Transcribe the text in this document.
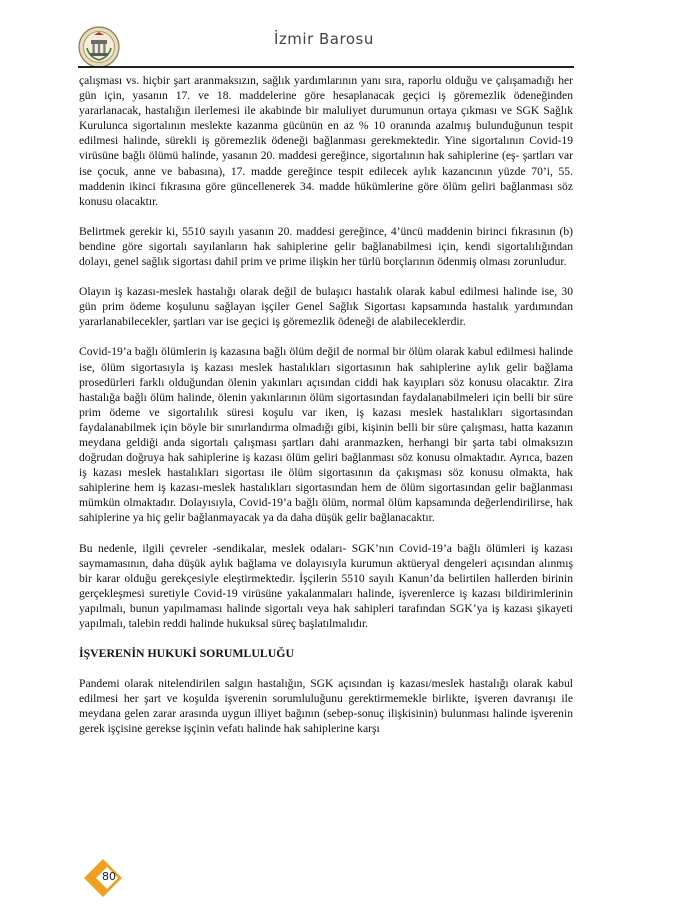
İzmir Barosu

çalışması vs. hiçbir şart aranmaksızın, sağlık yardımlarının yanı sıra, raporlu olduğu ve çalışamadığı her gün için, yasanın 17. ve 18. maddelerine göre hesaplanacak geçici iş göremezlik ödeneğinden yararlanacak, hastalığın ilerlemesi ile akabinde bir maluliyet durumunun ortaya çıkması ve SGK Sağlık Kurulunca sigortalının meslekte kazanma gücünün en az % 10 oranında azalmış bulunduğunun tespit edilmesi halinde, sürekli iş göremezlik ödeneği bağlanması gerekmektedir. Yine sigortalının Covid-19 virüsüne bağlı ölümü halinde, yasanın 20. maddesi gereğince, sigortalının hak sahiplerine (eş- şartları var ise çocuk, anne ve babasına), 17. madde gereğince tespit edilecek aylık kazancının yüzde 70’i, 55. maddenin ikinci fıkrasına göre güncellenerek 34. madde hükümlerine göre ölüm geliri bağlanması söz konusu olacaktır.

Belirtmek gerekir ki, 5510 sayılı yasanın 20. maddesi gereğince, 4’üncü maddenin birinci fıkrasının (b) bendine göre sigortalı sayılanların hak sahiplerine gelir bağlanabilmesi için, kendi sigortalılığından dolayı, genel sağlık sigortası dahil prim ve prime ilişkin her türlü borçlarının ödenmiş olması zorunludur.

Olayın iş kazası-meslek hastalığı olarak değil de bulaşıcı hastalık olarak kabul edilmesi halinde ise, 30 gün prim ödeme koşulunu sağlayan işçiler Genel Sağlık Sigortası kapsamında hastalık yardımından yararlanabilecekler, şartları var ise geçici iş göremezlik ödeneği de alabileceklerdir.

Covid-19’a bağlı ölümlerin iş kazasına bağlı ölüm değil de normal bir ölüm olarak kabul edilmesi halinde ise, ölüm sigortasıyla iş kazası meslek hastalıkları sigortasının hak sahiplerine aylık gelir bağlama prosedürleri farklı olduğundan ölenin yakınları açısından ciddi hak kayıpları söz konusu olacaktır. Zira hastalığa bağlı ölüm halinde, ölenin yakınlarının ölüm sigortasından faydalanabilmeleri için belli bir süre prim ödeme ve sigortalılık süresi koşulu var iken, iş kazası meslek hastalıkları sigortasından faydalanabilmek için böyle bir sınırlandırma olmadığı gibi, kişinin belli bir süre çalışması, hatta kazanın meydana geldiği anda sigortalı çalışması şartları dahi aranmazken, herhangi bir şarta tabi olmaksızın doğrudan doğruya hak sahiplerine iş kazası ölüm geliri bağlanması söz konusu olmaktadır. Ayrıca, bazen iş kazası meslek hastalıkları sigortası ile ölüm sigortasının da çakışması söz konusu olmakta, hak sahiplerine hem iş kazası-meslek hastalıkları sigortasından hem de ölüm sigortasından gelir bağlanması mümkün olmaktadır. Dolayısıyla, Covid-19’a bağlı ölüm, normal ölüm kapsamında değerlendirilirse, hak sahiplerine ya hiç gelir bağlanmayacak ya da daha düşük gelir bağlanacaktır.

Bu nedenle, ilgili çevreler -sendikalar, meslek odaları- SGK’nın Covid-19’a bağlı ölümleri iş kazası saymamasının, daha düşük aylık bağlama ve dolayısıyla kurumun aktüeryal dengeleri açısından alınmış bir karar olduğu gerekçesiyle eleştirmektedir. İşçilerin 5510 sayılı Kanun’da belirtilen hallerden birinin gerçekleşmesi suretiyle Covid-19 virüsüne yakalanmaları halinde, işverenlerce iş kazası bildirimlerinin yapılmalı, bunun yapılmaması halinde sigortalı veya hak sahipleri tarafından SGK’ya iş kazası şikayeti yapılmalı, talebin reddi halinde hukuksal süreç başlatılmalıdır.

İŞVERENİN HUKUKİ SORUMLULUĞU

Pandemi olarak nitelendirilen salgın hastalığın, SGK açısından iş kazası/meslek hastalığı olarak kabul edilmesi her şart ve koşulda işverenin sorumluluğunu gerektirmemekle birlikte, işveren davranışı ile meydana gelen zarar arasında uygun illiyet bağının (sebep-sonuç ilişkisinin) bulunması halinde işverenin gerek işçisine gerekse işçinin vefatı halinde hak sahiplerine karşı

80
